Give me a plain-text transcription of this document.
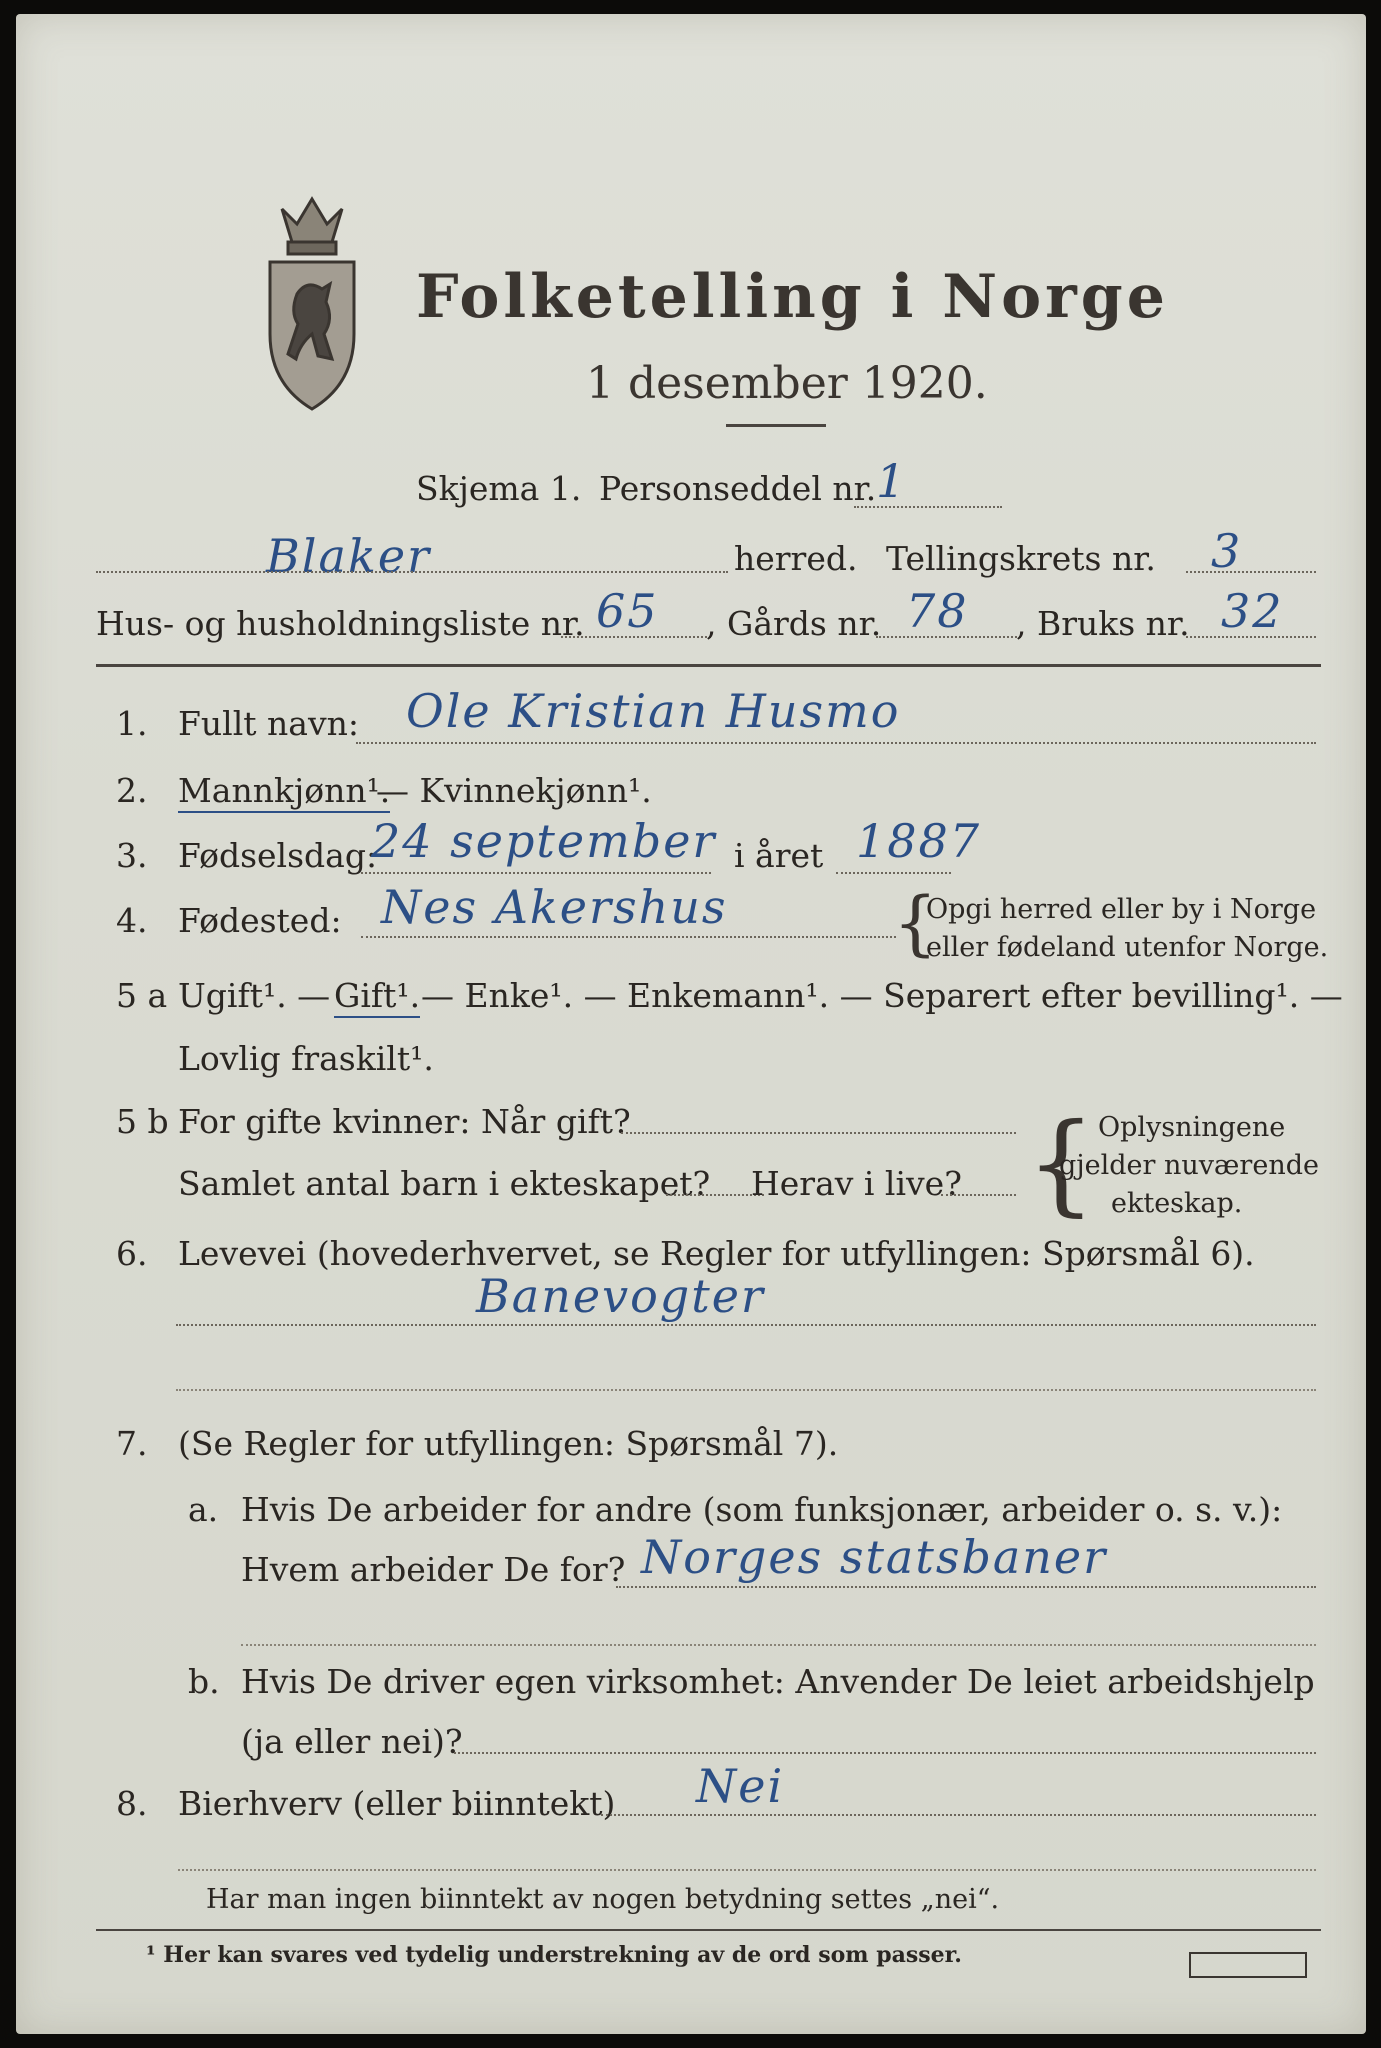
Folketelling i Norge
1 desember 1920.
Skjema 1. Personseddel nr. 1
Blaker	herred. Tellingskrets nr. 3
Hus- og husholdningsliste nr. 65 , Gårds nr. 78 , Bruks nr. 32
1. Fullt navn: Ole Kristian Husmo
2. Mannkjønn¹.
— Kvinnekjønn¹.
3. Fødselsdag:
24 september i året 1887
4. Fødested: Nes Akershus {
Opgi herred eller by i Norge
eller fødeland utenfor Norge.
5 a Ugift¹. — Gift¹. — Enke¹. — Enkemann¹. — Separert efter bevilling¹. —
Lovlig fraskilt¹.
5 b For gifte kvinner: Når gift?
Samlet antal barn i ekteskapet? Herav i live? { Oplysningene
gjelder nuværende
ekteskap.
6. Levevei (hovederhvervet, se Regler for utfyllingen: Spørsmål 6).
Banevogter
7. (Se Regler for utfyllingen: Spørsmål 7).
a. Hvis De arbeider for andre (som funksjonær, arbeider o. s. v.):
Hvem arbeider De for? Norges statsbaner
b. Hvis De driver egen virksomhet: Anvender De leiet arbeidshjelp
(ja eller nei)?
8. Bierhverv (eller biinntekt) Nei
Har man ingen biinntekt av nogen betydning settes „nei“.
¹ Her kan svares ved tydelig understrekning av de ord som passer.
